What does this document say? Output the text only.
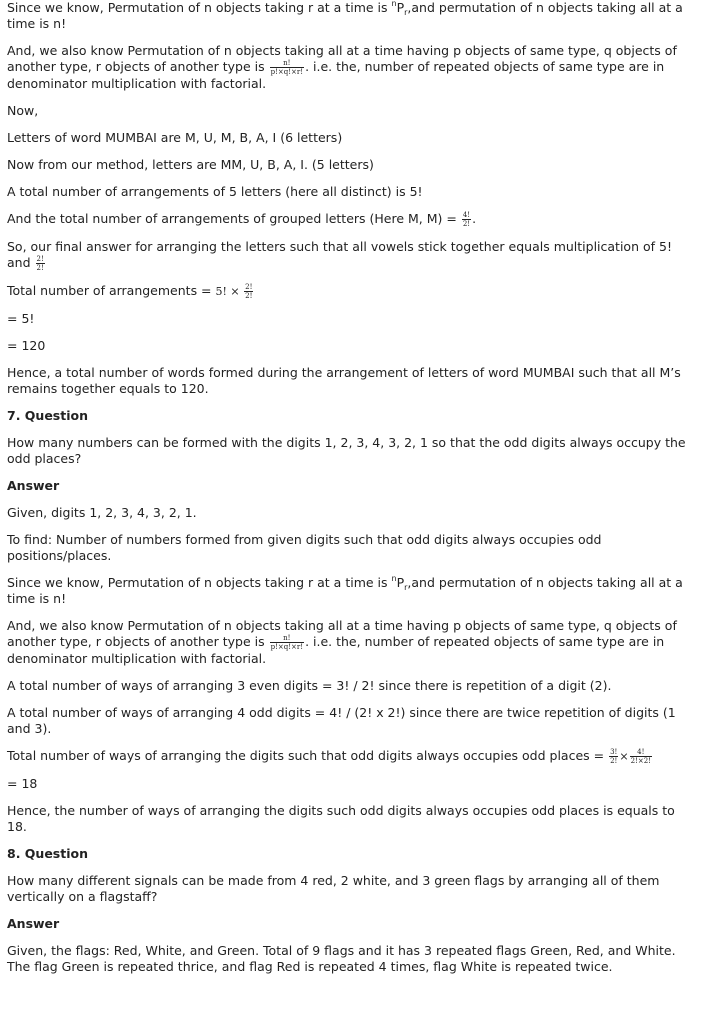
Since we know, Permutation of n objects taking r at a time is $^nP_r,and$ permutation of n objects taking all at a time is n!

And, we also know Permutation of n objects taking all at a time having p objects of same type, q objects of another type, r objects of another type is $\frac{n!}{p!\times q!\times r!}$ . i.e. the, number of repeated objects of same type are in denominator multiplication with factorial.

Now,

Letters of word MUMBAI are M, U, M, B, A, I (6 letters)

Now from our method, letters are MM, U, B, A, I. (5 letters)

A total number of arrangements of 5 letters (here all distinct) is 5!

And the total number of arrangements of grouped letters (Here M, $M) = \frac{4!}{2!}$ .

So, our final answer for arranging the letters such that all vowels stick together equals multiplication of 5! and $\frac{2!}{2!}$

Total number of arrangements = 5! × $\frac{2!}{2!}$

= 5!

= 120

Hence, a total number of words formed during the arrangement of letters of word MUMBAI such that all M’s remains together equals to 120.

7. Question

How many numbers can be formed with the digits 1, 2, 3, 4, 3, 2, 1 so that the odd digits always occupy the odd places?

Answer

Given, digits 1, 2, 3, 4, 3, 2, 1.

To find: Number of numbers formed from given digits such that odd digits always occupies odd positions/places.

Since we know, Permutation of n objects taking r at a time is $^nP_r,and$ permutation of n objects taking all at a time is n!

And, we also know Permutation of n objects taking all at a time having p objects of same type, q objects of another type, r objects of another type is $\frac{n!}{p!\times q!\times r!}$ . i.e. the, number of repeated objects of same type are in denominator multiplication with factorial.

A total number of ways of arranging 3 even digits = 3! / 2! since there is repetition of a digit (2).

A total number of ways of arranging 4 odd digits = 4! / (2! x 2!) since there are twice repetition of digits (1 and 3).

Total number of ways of arranging the digits such that odd digits always occupies odd places = $\frac{3!}{2!} \times \frac{4!}{2!\times 2!}$

= 18

Hence, the number of ways of arranging the digits such odd digits always occupies odd places is equals to 18.

8. Question

How many different signals can be made from 4 red, 2 white, and 3 green flags by arranging all of them vertically on a flagstaff?

Answer

Given, the flags: Red, White, and Green. Total of 9 flags and it has 3 repeated flags Green, Red, and White. The flag Green is repeated thrice, and flag Red is repeated 4 times, flag White is repeated twice.
